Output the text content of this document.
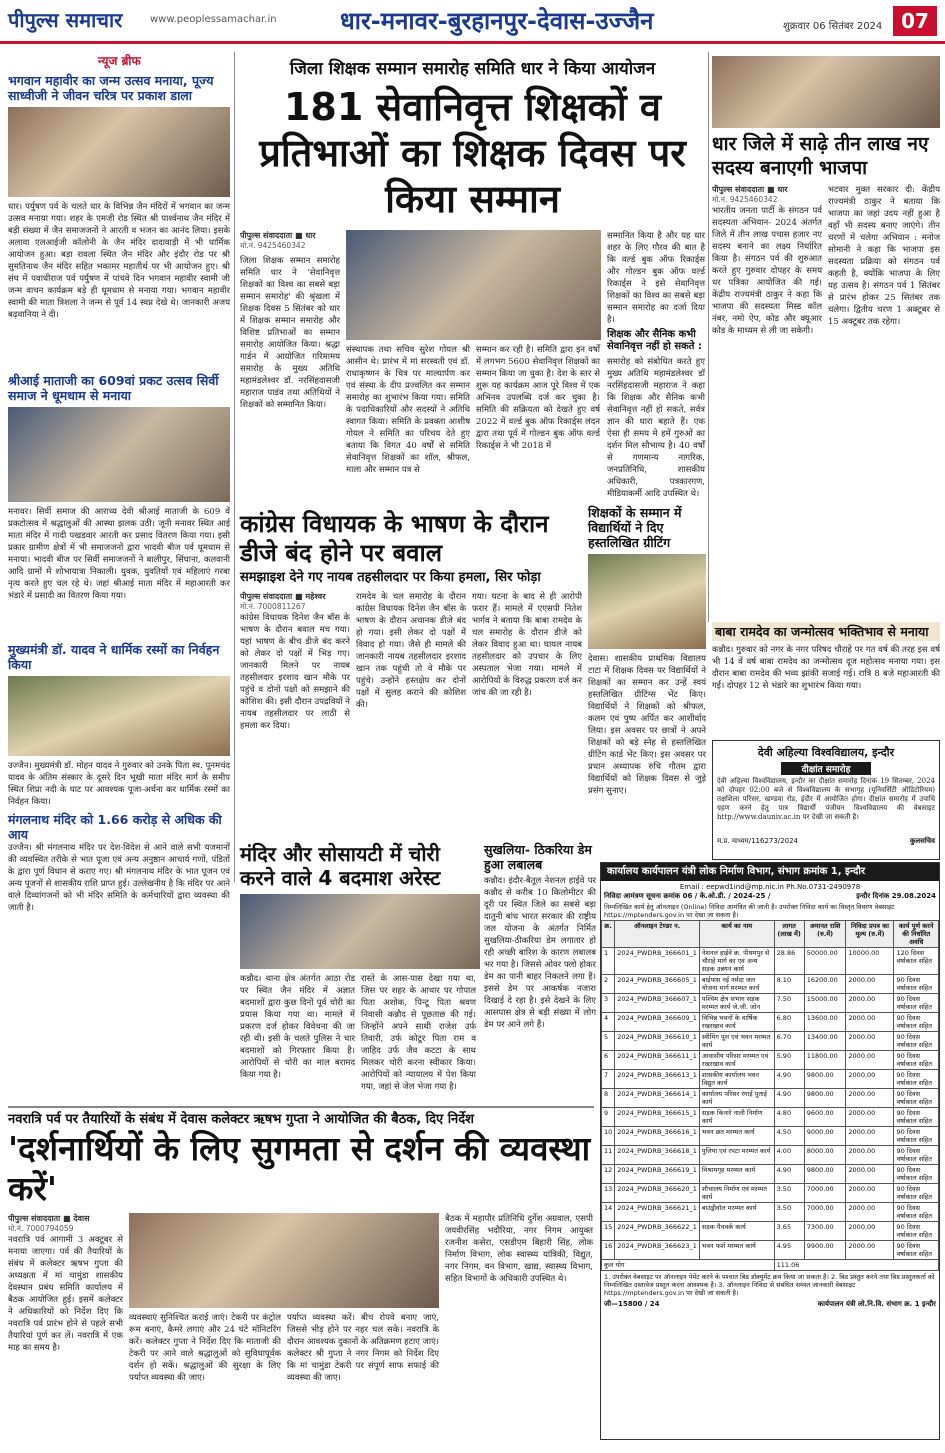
पीपुल्स समाचार	www.peoplessamachar.in	धार-मनावर-बुरहानपुर-देवास-उज्जैन	शुक्रवार 06 सितंबर 2024 07
न्यूज ब्रीफ
भगवान महावीर का जन्म उत्सव मनाया, पूज्य साध्वीजी ने जीवन चरित्र पर प्रकाश डाला
धार। पर्युषण पर्व के चलते धार के विभिन्न जैन मंदिरों में भगवान का जन्म उत्सव मनाया गया। शहर के एमजी रोड स्थित श्री पार्श्वनाथ जैन मंदिर में बड़ी संख्या में जैन समाजजनों ने आरती व भजन का आनंद लिया। इसके अलावा एलआईजी कॉलोनी के जैन मंदिर दादावाड़ी में भी धार्मिक आयोजन हुआ। बड़ा रावला स्थित जैन मंदिर और इंदौर रोड पर श्री सुमतिनाथ जैन मंदिर सहित भकामर महातीर्थ पर भी आयोजन हुए। श्री संघ में पवाधीराज पर्व पर्युषण में पांचवे दिन भगवान महावीर स्वामी जी जन्म वाचन कार्यक्रम बड़े ही धूमधाम से मनाया गया। भगवान महावीर स्वामी की माता त्रिशला ने जन्म से पूर्व 14 स्वप्न देखे थे। जानकारी अजय बढ़वानिया ने दी।
श्रीआई माताजी का 609वां प्रकट उत्सव सिर्वी समाज ने धूमधाम से मनाया
मनावर। सिर्वी समाज की आराध्य देवी श्रीआई माताजी के 609 वें प्रकटोत्सव में श्रद्धालुओं की आस्था झलक उठी। जूनी मनावर स्थित आई माता मंदिर में गादी पखडवार आरती कर प्रसाद वितरण किया गया। इसी प्रकार ग्रामीण क्षेत्रों में भी समाजजनों द्वारा भादवी बीज पर्व धूमधाम से मनाया। भादवी बीज पर सिर्वी समाजजनों ने बालीपुर, सिंघाना, कलवानी आदि ग्रामों में शोभायात्रा निकाली। युवक, युवतियों एवं महिलाएं गरबा नृत्य करते हुए चल रहे थे। जहां श्रीआई माता मंदिर में महाआरती कर भंडारे में प्रसादी का वितरण किया गया।
मुख्यमंत्री डॉ. यादव ने धार्मिक रस्मों का निर्वहन किया
उज्जैन। मुख्यमंत्री डॉ. मोहन यादव ने गुरुवार को उनके पिता स्व. पूनमचंद यादव के अंतिम संस्कार के दूसरे दिन भूखी माता मंदिर मार्ग के समीप स्थित शिप्रा नदी के घाट पर आवश्यक पूजा-अर्चना कर धार्मिक रस्मों का निर्वहन किया।
मंगलनाथ मंदिर को 1.66 करोड़ से अधिक की आय
उज्जैन। श्री मंगलनाथ मंदिर पर देश-विदेश से आने वाले सभी यजमानों की व्यवस्थित तरीके से भात पूजा एवं अन्य अनुष्ठान आचार्य गणों, पंडितों के द्वारा पूर्ण विधान से कराए गए। श्री मंगलनाथ मंदिर के भात पूजन एवं अन्य पूजनों से शासकीय राशि प्राप्त हुई। उल्लेखनीय है कि मंदिर पर आने वाले दिव्यांगजनों को भी मंदिर समिति के कर्मचारियों द्वारा व्यवस्था की जाती है।
जिला शिक्षक सम्मान समारोह समिति धार ने किया आयोजन
181 सेवानिवृत्त शिक्षकों व प्रतिभाओं का शिक्षक दिवस पर किया सम्मान
पीपुल्स संवाददाता ■ धार
मो.नं. 9425460342
जिला शिक्षक सम्मान समारोह समिति धार ने 'सेवानिवृत्त शिक्षकों का विश्व का सबसे बड़ा सम्मान समारोह' की श्रृंखला में शिक्षक दिवस 5 सितंबर को धार में शिक्षक सम्मान समारोह और विशिष्ट प्रतिभाओं का सम्मान समारोह आयोजित किया। श्रद्धा गार्डन में आयोजित गरिमामय समारोह के मुख्य अतिथि महामंडलेश्वर डॉ. नरसिंहदासजी महाराज पाडंव तथा अतिथियों ने शिक्षकों को सम्मानित किया।
संस्थापक तथा सचिव सुरेश गोयल श्री आसीन थे। प्रारंभ में मां सरस्वती एवं डॉ. राधाकृष्णन के चित्र पर माल्यार्पण कर एवं संस्था के दीप प्रज्वलित कर सम्मान समारोह का शुभारंभ किया गया। समिति के पदाधिकारियों और सदस्यों ने अतिथि स्वागत किया। समिति के प्रवक्ता आशीष गोयल ने समिति का परिचय देते हुए बताया कि विगत 40 वर्षों से समिति सेवानिवृत्त शिक्षकों का शॉल, श्रीफल, माला और सम्मान पत्र से
सम्मान कर रही है। समिति द्वारा इन वर्षों में लगभग 5600 सेवानिवृत्त शिक्षकों का सम्मान किया जा चुका है। देश के स्तर से शुरू यह कार्यक्रम आज पूरे विश्व में एक अभिनव उपलब्धि दर्ज कर चुका है। समिति की सक्रियता को देखते हुए वर्ष 2022 में वर्ल्ड बुक ऑफ रिकार्ड्स लंदन द्वारा तथा पूर्व में गोल्डन बुक ऑफ वर्ल्ड रिकार्ड्स ने भी 2018 में
सम्मानित किया है और यह धार शहर के लिए गौरव की बात है कि वर्ल्ड बुक ऑफ रिकार्ड्स और गोल्डन बुक ऑफ वर्ल्ड रिकार्ड्स ने इसे सेवानिवृत्त शिक्षकों का विश्व का सबसे बड़ा सम्मान समारोह का दर्जा दिया है।
शिक्षक और सैनिक कभी सेवानिवृत्त नहीं हो सकते :
समारोह को संबोधित करते हुए मुख्य अतिथि महामंडलेश्वर डॉ नरसिंहदासजी महाराज ने कहा कि शिक्षक और सैनिक कभी सेवानिवृत्त नहीं हो सकते, सर्वत्र ज्ञान की धारा बहाते हैं। एक ऐसा ही समय मे हमें गुरुओं का दर्शन मिल सौभाग्य है। 40 वर्षों से गणमान्य नागरिक, जनप्रतिनिधि, शासकीय अधिकारी, पत्रकारगण, मीडियाकर्मी आदि उपस्थित थे।
धार जिले में साढ़े तीन लाख नए सदस्य बनाएगी भाजपा
पीपुल्स संवाददाता ■ धार
मो.नं. 9425460342
भारतीय जनता पार्टी के संगठन पर्व सदस्यता अभियान- 2024 अंतर्गत जिले में तीन लाख पचास हजार नए सदस्य बनाने का लक्ष्य निर्धारित किया है। संगठन पर्व की शुरुआत करते हुए गुरुवार दोपहर के समय धर पत्रिका आयोजित की गई। केंद्रीय राज्यमंत्री ठाकुर ने कहा कि भाजपा की सदस्यता मिस्ड कॉल नंबर, नमो ऐप, कोड और क्यूआर कोड के माध्यम से ली जा सकेगी।
भटवार मुक्त सरकार दी: केंद्रीय राज्यमंत्री ठाकुर ने बताया कि भाजपा का जहां उदय नहीं हुआ है वहाँ भी सदस्य बनाए जाएंगे। तीन चरणों में चलेगा अभियान : मनोज सोमानी ने कहा कि भाजपा इस सदस्यता प्रक्रिया को संगठन पर्व कहती है, क्योंकि भाजपा के लिए यह उत्सव है। संगठन पर्व 1 सितंबर से प्रारंभ होकर 25 सितंबर तक चलेगा। द्वितीय चरण 1 अक्टूबर से 15 अक्टूबर तक रहेगा।
कांग्रेस विधायक के भाषण के दौरान डीजे बंद होने पर बवाल
समझाइश देने गए नायब तहसीलदार पर किया हमला, सिर फोड़ा
पीपुल्स संवाददाता ■ महेश्वर
मो.नं. 7000811267
कांग्रेस विधायक दिनेश जैन बॉस के भाषण के दौरान बवाल मच गया। यहां भाषण के बीच डीजे बंद करने को लेकर दो पक्षों में भिड़ गए। जानकारी मिलने पर नायब तहसीलदार इरशाद खान मौके पर पहुंचे व दोनों पक्षों को समझाने की कोशिश की। इसी दौरान उपद्रवियों ने नायब तहसीलदार पर लाठी से हमला कर दिया।
रामदेव के चल समारोह के दौरान कांग्रेस विधायक दिनेश जैन बॉस के भाषण के दौरान अचानक डीजे बंद हो गया। इसी लेकर दो पक्षों में विवाद हो गया। जैसे ही मामले की जानकारी नायब तहसीलदार इरशाद खान तक पहुंची तो वे मौके पर पहुंचे। उन्होंने हस्तक्षेप कर दोनों पक्षों में सुलह कराने की कोशिश की।
गया। घटना के बाद से ही आरोपी फरार हैं। मामले में एएसपी नितेश भार्गव ने बताया कि बाबा रामदेव के चल समारोह के दौरान डीजे को लेकर विवाद हुआ था। घायल नायब तहसीलदार को उपचार के लिए अस्पताल भेजा गया। मामले में आरोपियों के विरुद्ध प्रकरण दर्ज कर जांच की जा रही है।
शिक्षकों के सम्मान में विद्यार्थियों ने दिए हस्तलिखित ग्रीटिंग
देवास। शासकीय प्राथमिक विद्यालय टाटा में शिक्षक दिवस पर विद्यार्थियों ने शिक्षकों का सम्मान कर उन्हें स्वयं हस्तलिखित ग्रीटिंग्स भेंट किए। विद्यार्थियों ने शिक्षकों को श्रीफल, कलम एवं पुष्प अर्पित कर आशीर्वाद लिया। इस अवसर पर छात्रों ने अपने शिक्षकों को बड़े स्नेह से हस्तलिखित ग्रीटिंग कार्ड भेंट किए। इस अवसर पर प्रधान अध्यापक रुचि गौतम द्वारा विद्यार्थियों को शिक्षक दिवस से जुड़े प्रसंग सुनाए।
मंदिर और सोसायटी में चोरी करने वाले 4 बदमाश अरेस्ट
कन्नौद। थाना क्षेत्र अंतर्गत आठा रोड पर स्थित जैन मंदिर में अज्ञात बदमाशों द्वारा कुछ दिनों पूर्व चोरी का प्रयास किया गया था। मामले में प्रकरण दर्ज होकर विवेचना की जा रही थी। इसी के चलते पुलिस ने चार बदमाशों को गिरफ्तार किया है। आरोपियों से चोरी का माल बरामद किया गया है।
रास्ते के आस-पास देखा गया था, जिस पर शहर के आधार पर गोपाल पिता अशोक, पिन्टू पिता श्रवण निवासी कन्नौद से पूछताछ की गई। जिन्होंने अपने साथी राजेश उर्फ तिवारी, उर्फ कोटूर पिता राम व जाहिद उर्फ जैव कटटा के साथ मिलकर चोरी करना स्वीकार किया। आरोपियों को न्यायालय में पेश किया गया, जहां से जेल भेजा गया है।
सुखलिया- ठिकरिया डेम हुआ लबालब
कन्नौद। इंदौर-बैतूल नेशनल हाईवे पर कन्नौद से करीब 10 किलोमीटर की दूरी पर स्थित जिले का सबसे बड़ा दातुनी बांध भारत सरकार की राष्ट्रीय जल योजना के अंतर्गत निर्मित सुखलिया-ठीकरिया डेम लगातार हो रही अच्छी बारिश के कारण लबालब भर गया है। जिससे ओवर फ्लो होकर डेम का पानी बाहर निकलने लगा है। इससे डेम पर आकर्षक नजारा दिखाई दे रहा है। इसे देखने के लिए आसपास क्षेत्र से बड़ी संख्या में लोग डेम पर आने लगे हैं।
बाबा रामदेव का जन्मोत्सव भक्तिभाव से मनाया
कन्नौद। गुरुवार को नगर के नगर परिषद चौराहे पर गत वर्ष की तरह इस वर्ष भी 14 वें वर्ष बाबा रामदेव का जन्मोत्सव दूज महोत्सव मनाया गया। इस दौरान बाबा रामदेव की भव्य झांकी सजाई गई। रात्रि 8 बजे महाआरती की गई। दोपहर 12 से भंडारे का शुभारंभ किया गया।
देवी अहिल्या विश्वविद्यालय, इन्दौर
दीक्षांत समारोह
देवी अहिल्या विश्वविद्यालय, इन्दौर का दीक्षांत समारोह दिनांक 19 सितम्बर, 2024 को दोपहर 02:00 बजे से विश्वविद्यालय के सभागृह (यूनिवर्सिटी ऑडिटोरियम) तक्षशिला परिसर, खण्डवा रोड, इंदौर में आयोजित होगा। दीक्षांत समारोह में उपाधि ग्रहण करने हेतु पात्र विद्यार्थी पंजीयन विश्वविद्यालय की वेबसाइट http://www.dauniv.ac.in पर देखी जा सकती है।
म.प्र. माध्यम/116273/2024	कुलसचिव
कार्यालय कार्यपालन यंत्री लोक निर्माण विभाग, संभाग क्रमांक 1, इन्दौर
Email : eepwd1ind@mp.nic.in Ph.No.0731-2490978
निविदा आमंत्रण सूचना क्रमांक 06 / के.ओ.डी. / 2024-25 /	इन्दौर दिनांक 29.08.2024
निम्नलिखित कार्य हेतु ऑनलाइन (Online) निविदा आमंत्रित की जाती है। उपरोक्त निविदा कार्य का विस्तृत विवरण वेबसाइट https://mptenders.gov.in पर देखा जा सकता है।
क्र.	ऑनलाइन टेण्डर न.	कार्य का नाम	लागत (लाख में)	अमानत राशि (रु.में)	निविदा प्रपत्र का मूल्य (रु.में)	कार्य पूर्ण करने की निर्धारित अवधि
1	2024_PWDRB_366601_1	नेशनल हाईवे क्र. पीथमपुर से चौराहे मार्ग का एवं अन्य सड़क उन्नयन कार्य	28.86	50000.00	10000.00	120 दिवस वर्षाकाल सहित
2	2024_PWDRB_366605_1	बाईपास नई नर्मदा जल योजना मार्ग मरम्मत कार्य	8.10	16200.00	2000.00	90 दिवस वर्षाकाल सहित
3	2024_PWDRB_366607_1	पश्चिम क्षेत्र संभाग सड़क मरम्मत कार्य जे.जी. जोन	7.50	15000.00	2000.00	90 दिवस वर्षाकाल सहित
4	2024_PWDRB_366609_1	विभिन्न भवनों के वार्षिक रखरखाव कार्य	6.80	13600.00	2000.00	90 दिवस वर्षाकाल सहित
5	2024_PWDRB_366610_1	स्वीमिंग पूल एवं भवन मरम्मत कार्य	6.70	13400.00	2000.00	90 दिवस वर्षाकाल सहित
6	2024_PWDRB_366611_1	आवासीय परिसर मरम्मत एवं रखरखाव कार्य	5.90	11800.00	2000.00	90 दिवस वर्षाकाल सहित
7	2024_PWDRB_366613_1	शासकीय कार्यालय भवन विद्युत कार्य	4.90	9800.00	2000.00	90 दिवस वर्षाकाल सहित
8	2024_PWDRB_366614_1	कार्यालय परिसर रंगाई पुताई कार्य	4.90	9800.00	2000.00	90 दिवस वर्षाकाल सहित
9	2024_PWDRB_366615_1	सड़क किनारे नाली निर्माण कार्य	4.80	9600.00	2000.00	90 दिवस वर्षाकाल सहित
10	2024_PWDRB_366616_1	भवन छत मरम्मत कार्य	4.50	9000.00	2000.00	90 दिवस वर्षाकाल सहित
11	2024_PWDRB_366618_1	पुलिया एवं रपटा मरम्मत कार्य	4.00	8000.00	2000.00	90 दिवस वर्षाकाल सहित
12	2024_PWDRB_366619_1	विश्रामगृह मरम्मत कार्य	4.90	9800.00	2000.00	90 दिवस वर्षाकाल सहित
13	2024_PWDRB_366620_1	शौचालय निर्माण एवं मरम्मत कार्य	3.50	7000.00	2000.00	90 दिवस वर्षाकाल सहित
14	2024_PWDRB_366621_1	बाउंड्रीवॉल मरम्मत कार्य	3.50	7000.00	2000.00	90 दिवस वर्षाकाल सहित
15	2024_PWDRB_366622_1	सड़क पैचवर्क कार्य	3.65	7300.00	2000.00	90 दिवस वर्षाकाल सहित
16	2024_PWDRB_366623_1	भवन फर्श मरम्मत कार्य	4.95	9900.00	2000.00	90 दिवस वर्षाकाल सहित
कुल योग			111.06			
1. उपरोक्त वेबसाइट पर ऑनलाइन पेमेंट करने के पश्चात बिड डॉक्यूमेंट क्रय किया जा सकता है। 2. बिड प्रस्तुत करने तथा बिड प्रस्तुतकर्ता को निम्नलिखित दस्तावेज प्रस्तुत करना आवश्यक है। 3. ऑनलाइन निविदा से संबंधित समस्त जानकारी वेबसाइट https://mptenders.gov.in पर देखी जा सकती है।
जी—15800 / 24	कार्यपालन यंत्री लो.नि.वि. संभाग क्र. 1 इन्दौर
नवरात्रि पर्व पर तैयारियों के संबंध में देवास कलेक्टर ऋषभ गुप्ता ने आयोजित की बैठक, दिए निर्देश
'दर्शनार्थियों के लिए सुगमता से दर्शन की व्यवस्था करें'
पीपुल्स संवाददाता ■ देवास
मो.नं. 7000794059
नवरात्रि पर्व आगामी 3 अक्टूबर से मनाया जाएगा। पर्व की तैयारियों के संबंध में कलेक्टर ऋषभ गुप्ता की अध्यक्षता में मां चामुंडा शासकीय देवस्थान प्रबंध समिति कार्यालय में बैठक आयोजित हुई। इसमें कलेक्टर ने अधिकारियों को निर्देश दिए कि नवरात्रि पर्व प्रारंभ होने से पहले सभी तैयारियां पूर्ण कर लें। नवरात्रि में एक माह का समय है।
व्यवस्थाएं सुनिश्चित कराई जाएं। टेकरी पर कंट्रोल रूम बनाएं, कैमरे लगाएं और 24 घंटे मॉनिटरिंग करें। कलेक्टर गुप्ता ने निर्देश दिए कि माताजी की टेकरी पर आने वाले श्रद्धालुओं को सुविधापूर्वक दर्शन हो सकें। श्रद्धालुओं की सुरक्षा के लिए पर्याप्त व्यवस्था की जाए।
पर्याप्त व्यवस्था करें। बीच रोपवे बनाए जाएं, जिससे भीड़ होने पर नहर चल सके। नवरात्रि के दौरान आवश्यक दुकानों के अतिक्रमण हटाए जाएं। कलेक्टर श्री गुप्ता ने नगर निगम को निर्देश दिए कि मां चामुंडा टेकरी पर संपूर्ण साफ सफाई की व्यवस्था की जाए।
बैठक में महापौर प्रतिनिधि दुर्गेश अग्रवाल, एसपी जयवीरसिंह भदौरिया, नगर निगम आयुक्त रजनीश कसेरा, एसडीएम बिहारी सिंह, लोक निर्माण विभाग, लोक स्वास्थ्य यांत्रिकी, विद्युत, नगर निगम, वन विभाग, खाद्य, स्वास्थ्य विभाग, सहित विभागों के अधिकारी उपस्थित थे।
